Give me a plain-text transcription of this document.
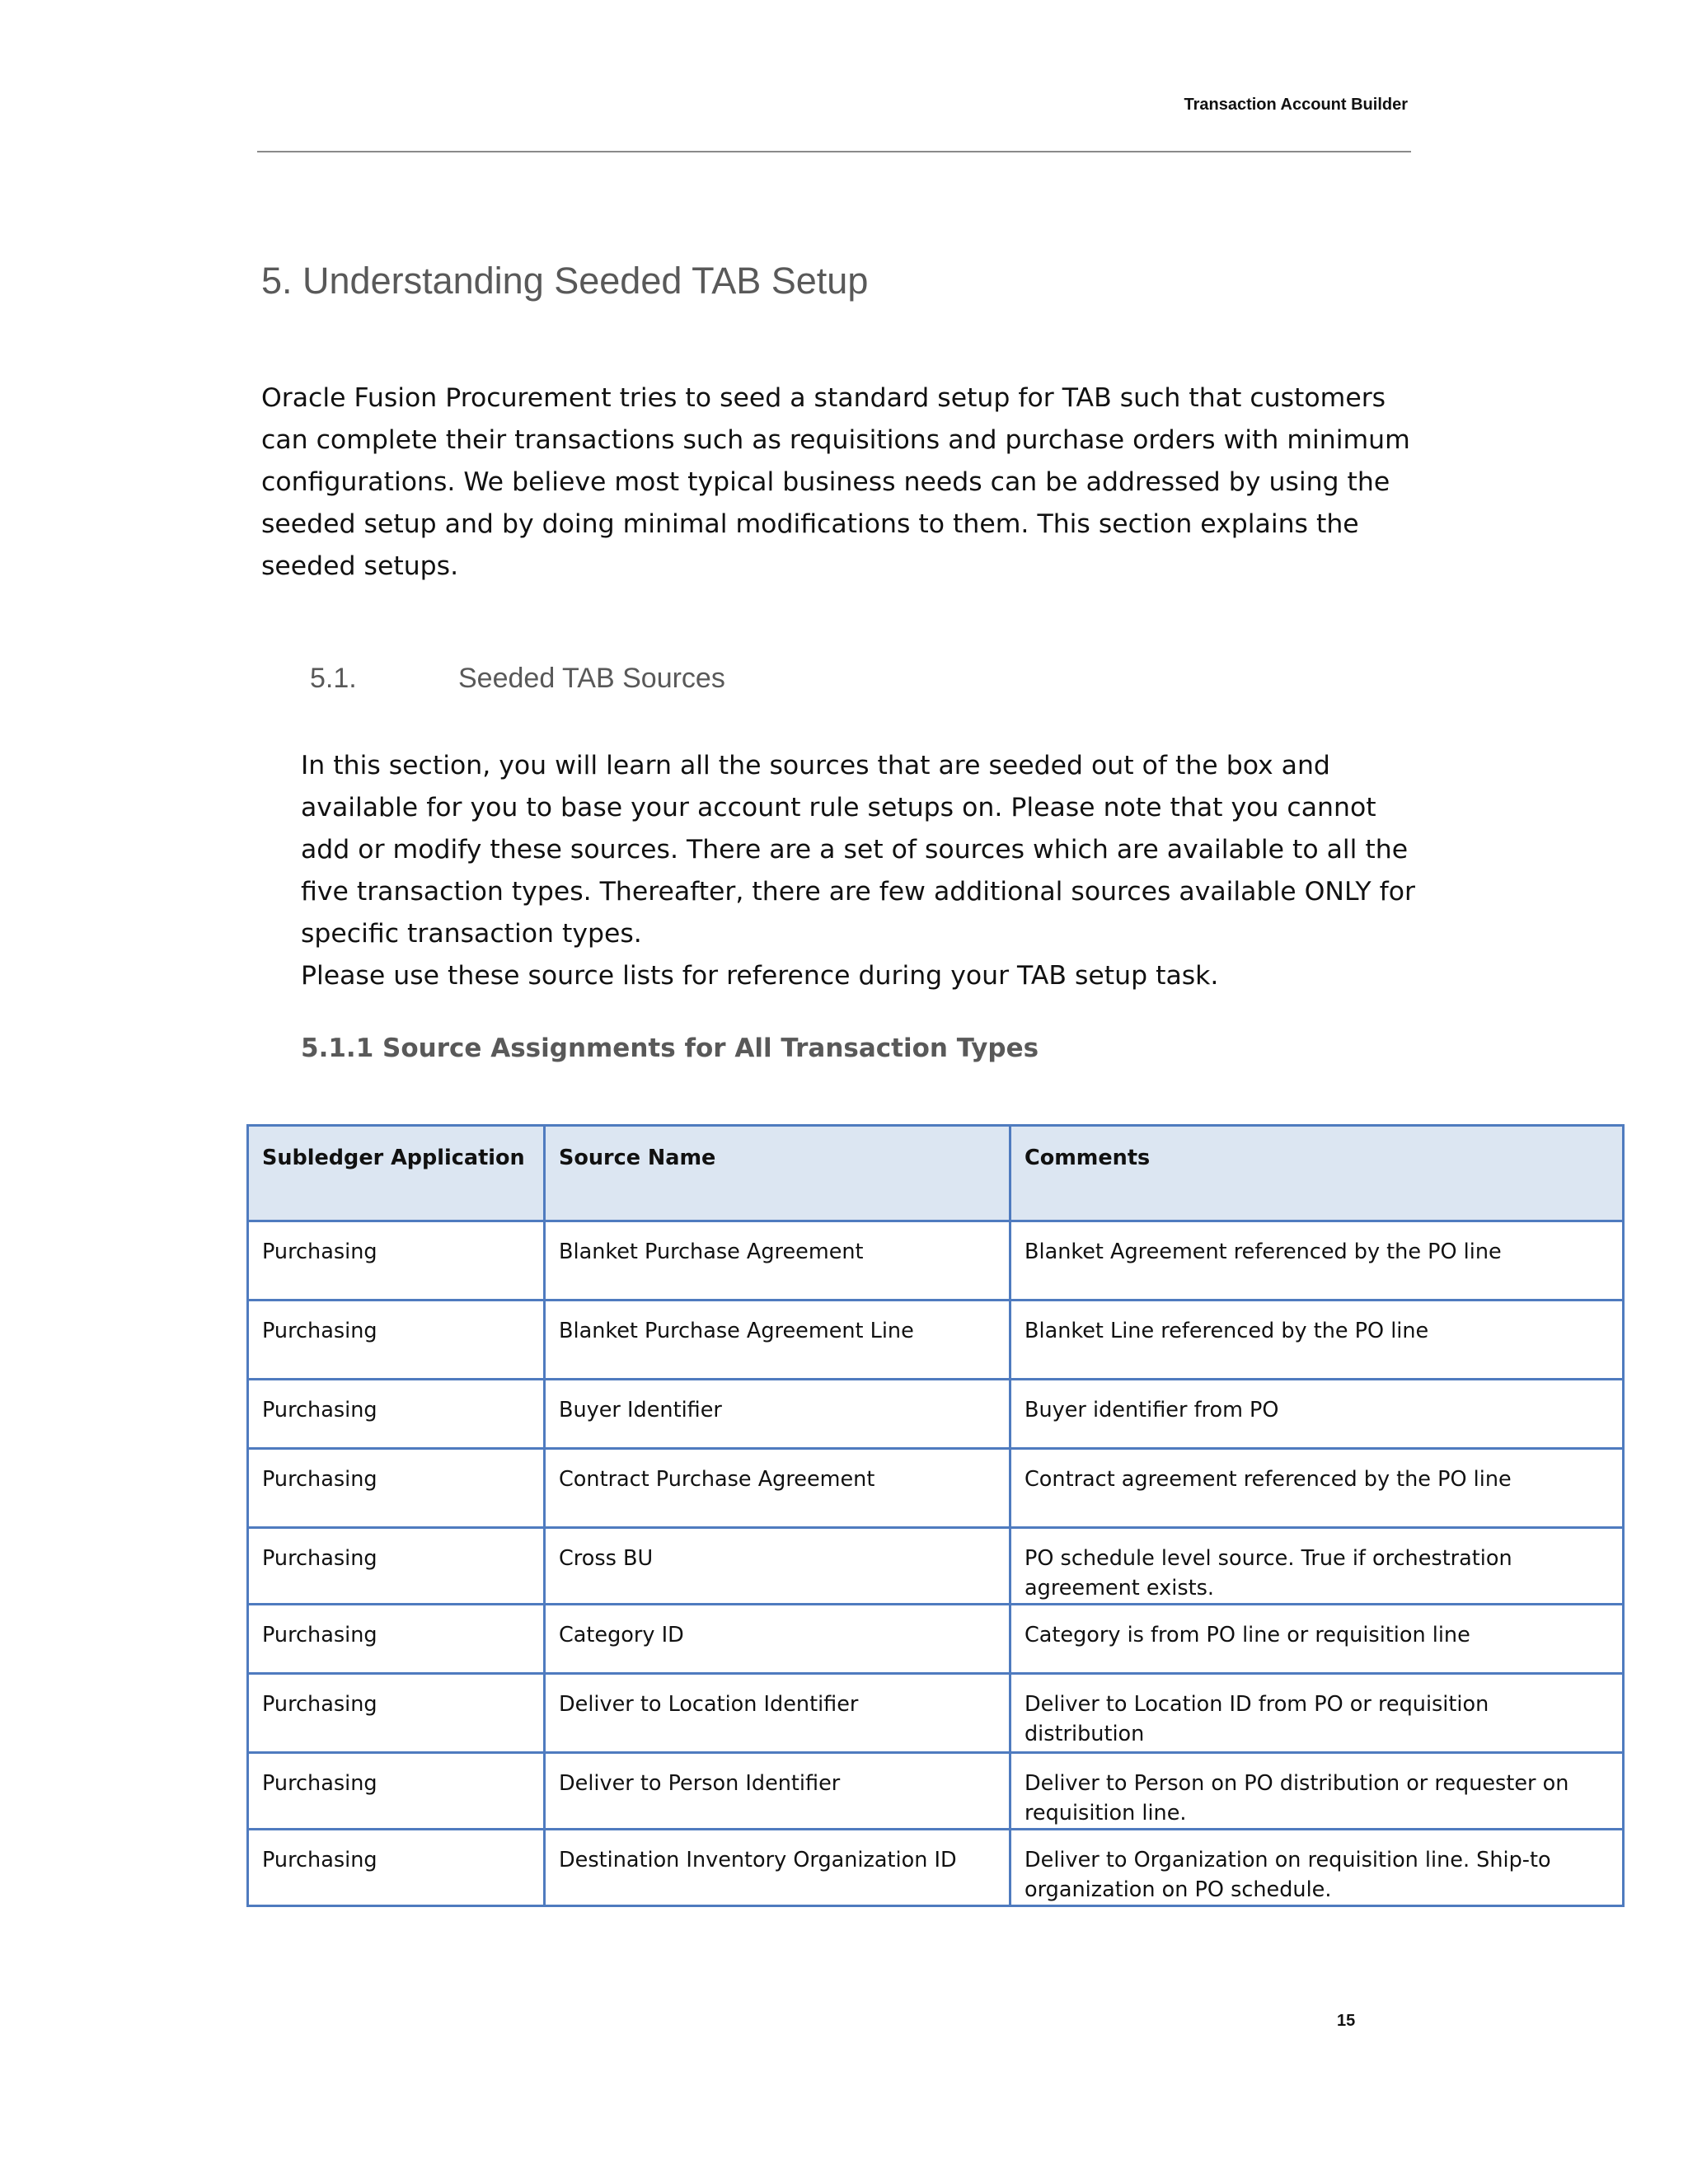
Transaction Account Builder
5. Understanding Seeded TAB Setup

Oracle Fusion Procurement tries to seed a standard setup for TAB such that customers can complete their transactions such as requisitions and purchase orders with minimum configurations. We believe most typical business needs can be addressed by using the seeded setup and by doing minimal modifications to them. This section explains the seeded setups.

5.1.	Seeded TAB Sources

In this section, you will learn all the sources that are seeded out of the box and available for you to base your account rule setups on. Please note that you cannot add or modify these sources. There are a set of sources which are available to all the five transaction types. Thereafter, there are few additional sources available ONLY for specific transaction types.

Please use these source lists for reference during your TAB setup task.

5.1.1 Source Assignments for All Transaction Types
Subledger Application	Source Name	Comments
Purchasing	Blanket Purchase Agreement	Blanket Agreement referenced by the PO line
Purchasing	Blanket Purchase Agreement Line	Blanket Line referenced by the PO line
Purchasing	Buyer Identifier	Buyer identifier from PO
Purchasing	Contract Purchase Agreement	Contract agreement referenced by the PO line
Purchasing	Cross BU	PO schedule level source. True if orchestration agreement exists.
Purchasing	Category ID	Category is from PO line or requisition line
Purchasing	Deliver to Location Identifier	Deliver to Location ID from PO or requisition distribution
Purchasing	Deliver to Person Identifier	Deliver to Person on PO distribution or requester on requisition line.
Purchasing	Destination Inventory Organization ID	Deliver to Organization on requisition line. Ship-to organization on PO schedule.
15
